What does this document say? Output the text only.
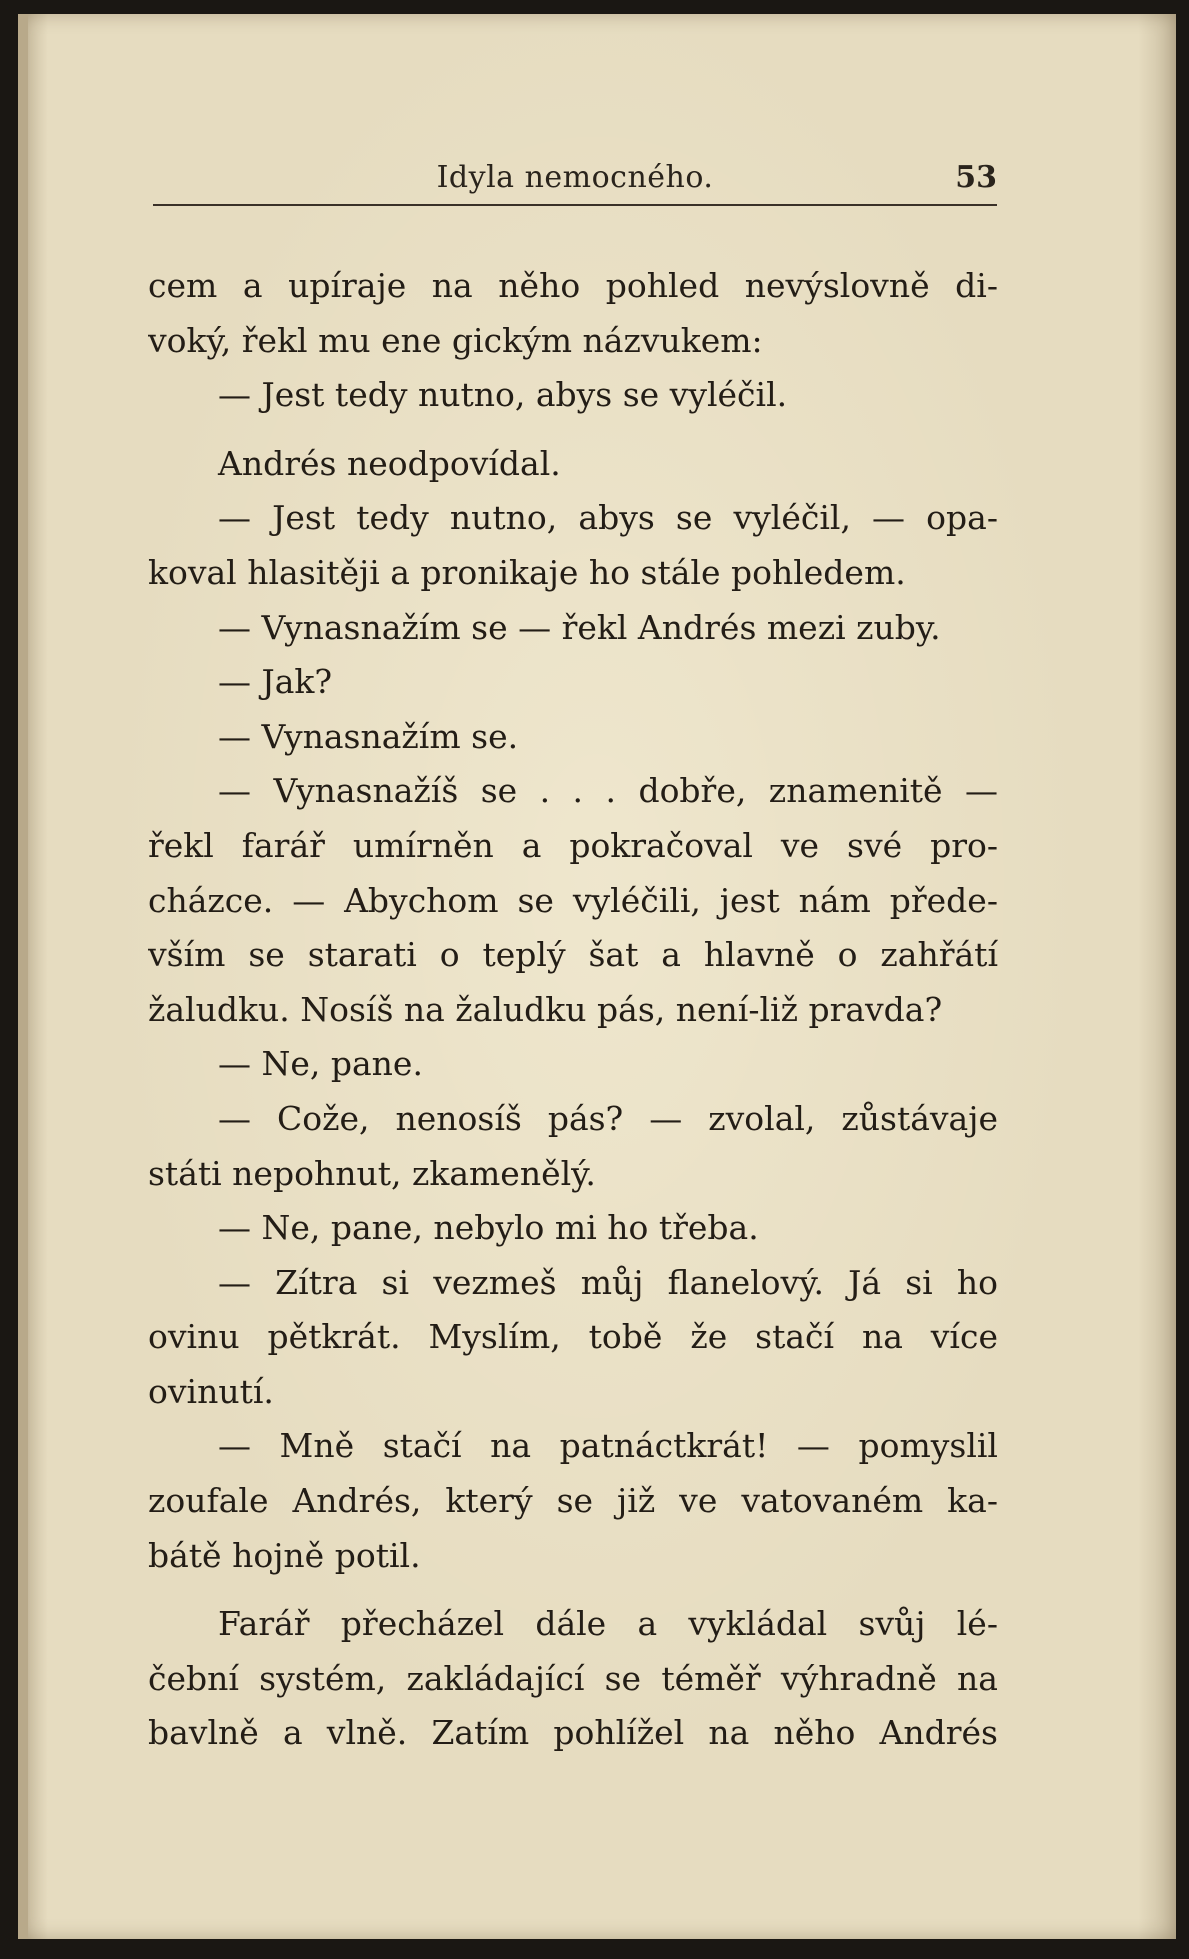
Idyla nemocného.	53
cem a upíraje na něho pohled nevýslovně di-
voký, řekl mu ene gickým názvukem:
— Jest tedy nutno, abys se vyléčil.
Andrés neodpovídal.
— Jest tedy nutno, abys se vyléčil, — opa-
koval hlasitěji a pronikaje ho stále pohledem.
— Vynasnažím se — řekl Andrés mezi zuby.
— Jak?
— Vynasnažím se.
— Vynasnažíš se . . . dobře, znamenitě —
řekl farář umírněn a pokračoval ve své pro-
cházce. — Abychom se vyléčili, jest nám přede-
vším se starati o teplý šat a hlavně o zahřátí
žaludku. Nosíš na žaludku pás, není-liž pravda?
— Ne, pane.
— Cože, nenosíš pás? — zvolal, zůstávaje
státi nepohnut, zkamenělý.
— Ne, pane, nebylo mi ho třeba.
— Zítra si vezmeš můj flanelový. Já si ho
ovinu pětkrát. Myslím, tobě že stačí na více
ovinutí.
— Mně stačí na patnáctkrát! — pomyslil
zoufale Andrés, který se již ve vatovaném ka-
bátě hojně potil.
Farář přecházel dále a vykládal svůj lé-
čební systém, zakládající se téměř výhradně na
bavlně a vlně. Zatím pohlížel na něho Andrés
